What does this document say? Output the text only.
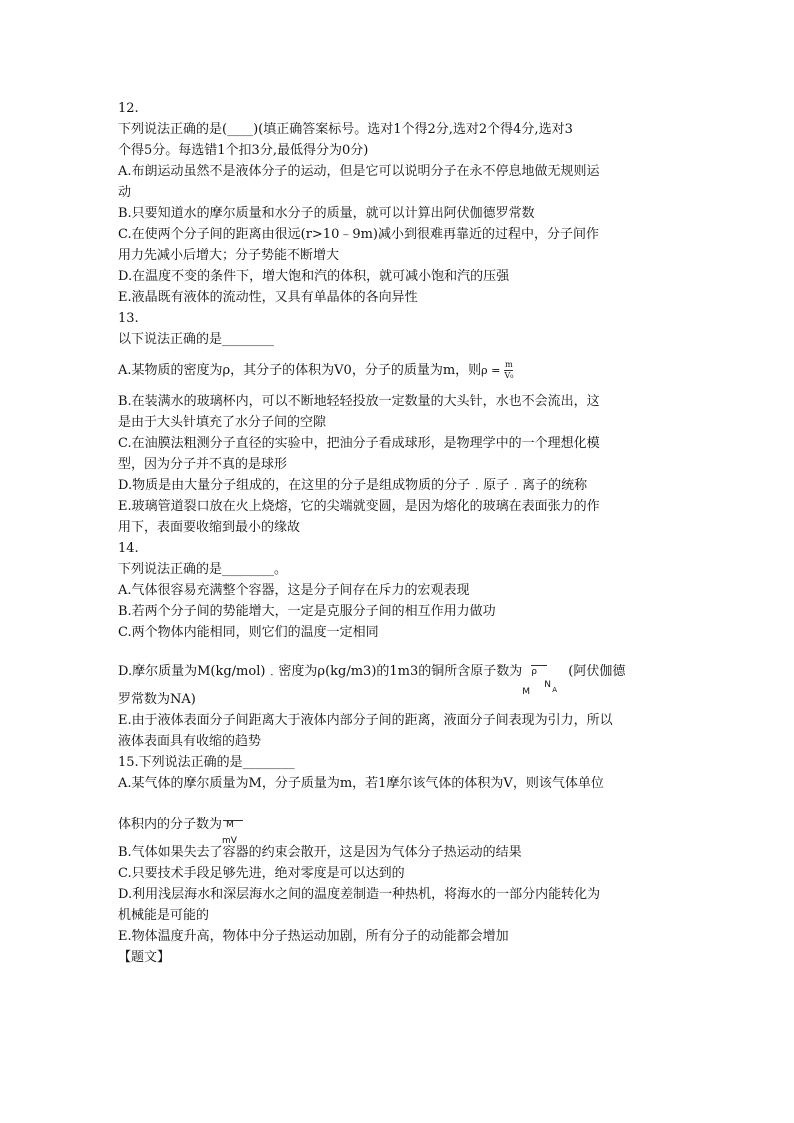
12.
下列说法正确的是(____)(填正确答案标号。选对1个得2分,选对2个得4分,选对3
个得5分。每选错1个扣3分,最低得分为0分)
A.布朗运动虽然不是液体分子的运动，但是它可以说明分子在永不停息地做无规则运
动
B.只要知道水的摩尔质量和水分子的质量，就可以计算出阿伏伽德罗常数
C.在使两个分子间的距离由很远(r>10﹣9m)减小到很难再靠近的过程中，分子间作
用力先减小后增大；分子势能不断增大
D.在温度不变的条件下，增大饱和汽的体积，就可减小饱和汽的压强
E.液晶既有液体的流动性，又具有单晶体的各向异性
13.
以下说法正确的是________
A.某物质的密度为ρ，其分子的体积为V0，分子的质量为m，则$\rho = \frac{m}{\text{V₀}}$
B.在装满水的玻璃杯内，可以不断地轻轻投放一定数量的大头针，水也不会流出，这
是由于大头针填充了水分子间的空隙
C.在油膜法粗测分子直径的实验中，把油分子看成球形，是物理学中的一个理想化模
型，因为分子并不真的是球形
D.物质是由大量分子组成的，在这里的分子是组成物质的分子﹒原子﹒离子的统称
E.玻璃管道裂口放在火上烧熔，它的尖端就变圆，是因为熔化的玻璃在表面张力的作
用下，表面要收缩到最小的缘故
14.
下列说法正确的是________。
A.气体很容易充满整个容器，这是分子间存在斥力的宏观表现
B.若两个分子间的势能增大，一定是克服分子间的相互作用力做功
C.两个物体内能相同，则它们的温度一定相同
D.摩尔质量为M(kg/mol)﹒密度为ρ(kg/m3)的1m3的铜所含原子数为 ρ
M
N A
(阿伏伽德
罗常数为NA)
E.由于液体表面分子间距离大于液体内部分子间的距离，液面分子间表现为引力，所以
液体表面具有收缩的趋势
15.下列说法正确的是________
A.某气体的摩尔质量为M，分子质量为m，若1摩尔该气体的体积为V，则该气体单位
体积内的分子数为 M
mV
B.气体如果失去了容器的约束会散开，这是因为气体分子热运动的结果
C.只要技术手段足够先进，绝对零度是可以达到的
D.利用浅层海水和深层海水之间的温度差制造一种热机，将海水的一部分内能转化为
机械能是可能的
E.物体温度升高，物体中分子热运动加剧，所有分子的动能都会增加
【题文】
